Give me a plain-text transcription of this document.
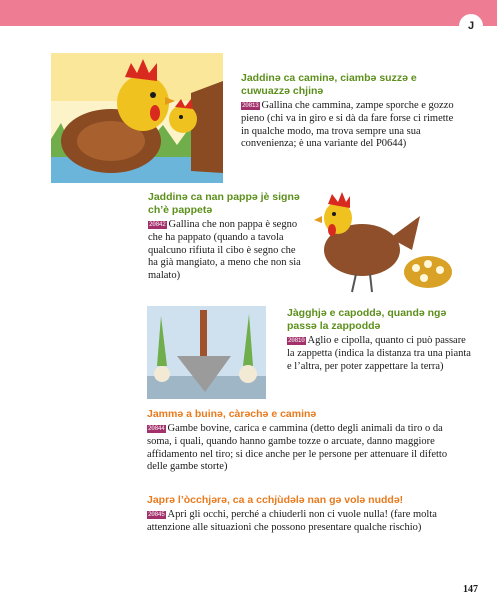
J
Jaddinə ca caminə, ciambə suzzə e cuwuazzə chjinə
20813 Gallina che cammina, zampe sporche e gozzo pieno (chi va in giro e si dà da fare forse ci rimette in qualche modo, ma trova sempre una sua convenienza; è una variante del P0644)
Jaddinə ca nan pappə jè signə ch’è pappetə
20842 Gallina che non pappa è segno che ha pappato (quando a tavola qualcuno rifiuta il cibo è segno che ha già mangiato, a meno che non sia malato)
Jàgghjə e capoddə, quandə ngə passə la zappoddə
20810 Aglio e cipolla, quanto ci può passare la zappetta (indica la distanza tra una pianta e l’altra, per poter zappettare la terra)
Jammə a buinə, càrəchə e caminə
20844 Gambe bovine, carica e cammina (detto degli animali da tiro o da soma, i quali, quando hanno gambe tozze o arcuate, danno maggiore affidamento nel tiro; si dice anche per le persone per attenuare il difetto delle gambe storte)
Japrə l’òcchjərə, ca a cchjùdələ nan gə volə nuddə!
20845 Apri gli occhi, perché a chiuderli non ci vuole nulla! (fare molta attenzione alle situazioni che possono presentare qualche rischio)
147
